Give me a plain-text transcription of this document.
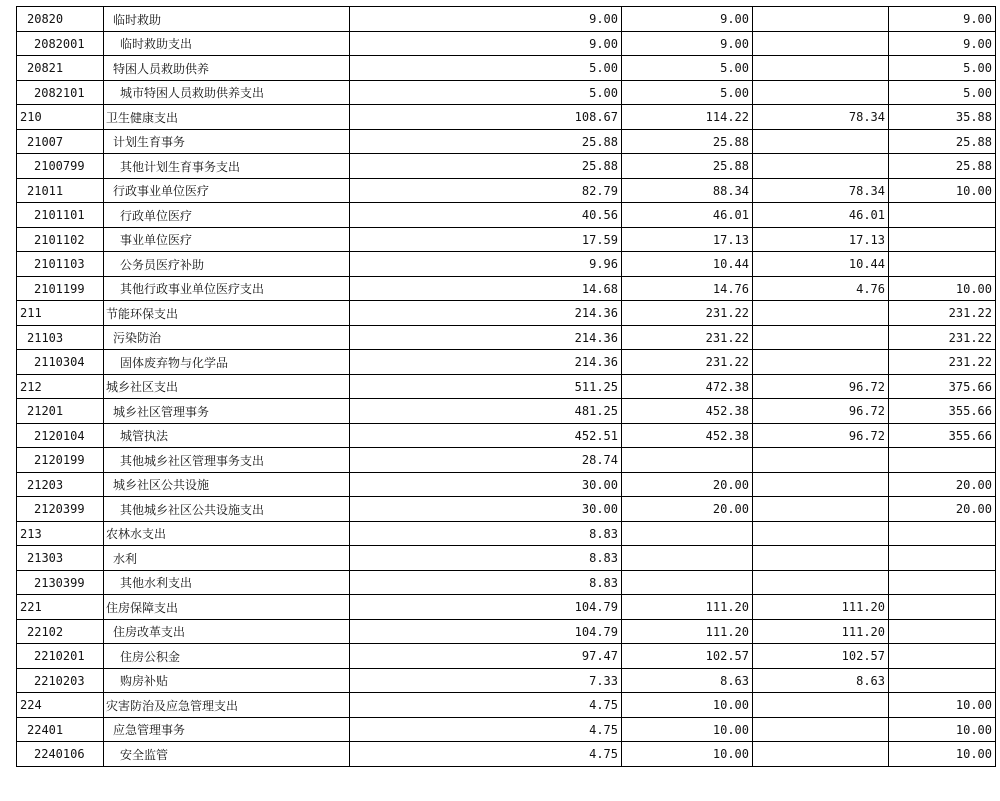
20820	临时救助	9.00	9.00		9.00
2082001	临时救助支出	9.00	9.00		9.00
20821	特困人员救助供养	5.00	5.00		5.00
2082101	城市特困人员救助供养支出	5.00	5.00		5.00
210	卫生健康支出	108.67	114.22	78.34	35.88
21007	计划生育事务	25.88	25.88		25.88
2100799	其他计划生育事务支出	25.88	25.88		25.88
21011	行政事业单位医疗	82.79	88.34	78.34	10.00
2101101	行政单位医疗	40.56	46.01	46.01	
2101102	事业单位医疗	17.59	17.13	17.13	
2101103	公务员医疗补助	9.96	10.44	10.44	
2101199	其他行政事业单位医疗支出	14.68	14.76	4.76	10.00
211	节能环保支出	214.36	231.22		231.22
21103	污染防治	214.36	231.22		231.22
2110304	固体废弃物与化学品	214.36	231.22		231.22
212	城乡社区支出	511.25	472.38	96.72	375.66
21201	城乡社区管理事务	481.25	452.38	96.72	355.66
2120104	城管执法	452.51	452.38	96.72	355.66
2120199	其他城乡社区管理事务支出	28.74			
21203	城乡社区公共设施	30.00	20.00		20.00
2120399	其他城乡社区公共设施支出	30.00	20.00		20.00
213	农林水支出	8.83			
21303	水利	8.83			
2130399	其他水利支出	8.83			
221	住房保障支出	104.79	111.20	111.20	
22102	住房改革支出	104.79	111.20	111.20	
2210201	住房公积金	97.47	102.57	102.57	
2210203	购房补贴	7.33	8.63	8.63	
224	灾害防治及应急管理支出	4.75	10.00		10.00
22401	应急管理事务	4.75	10.00		10.00
2240106	安全监管	4.75	10.00		10.00
